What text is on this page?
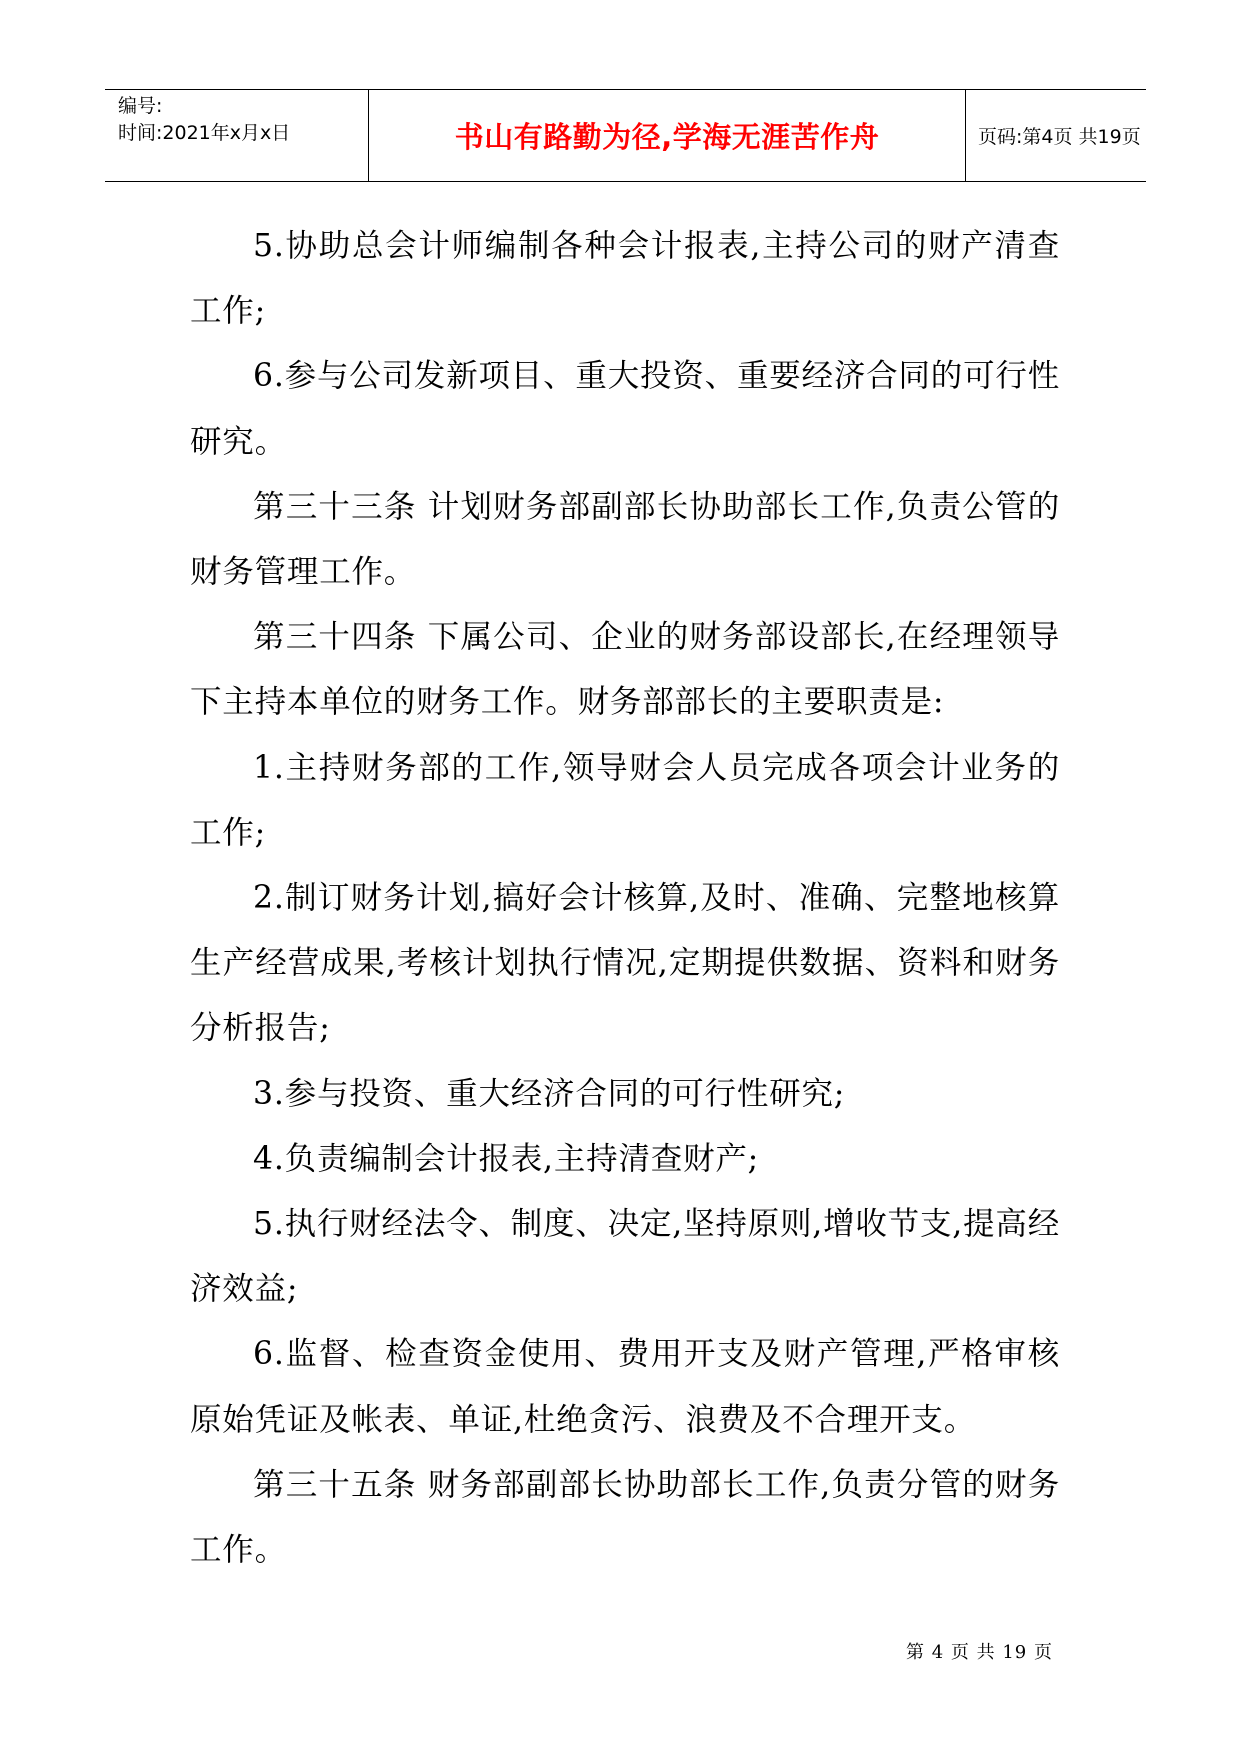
编号:
时间:2021年x月x日	书山有路勤为径,学海无涯苦作舟	页码:第4页 共19页

5.协助总会计师编制各种会计报表,主持公司的财产清查工作;

6.参与公司发新项目、重大投资、重要经济合同的可行性研究。

第三十三条 计划财务部副部长协助部长工作,负责公管的财务管理工作。

第三十四条 下属公司、企业的财务部设部长,在经理领导下主持本单位的财务工作。财务部部长的主要职责是:

1.主持财务部的工作,领导财会人员完成各项会计业务的工作;

2.制订财务计划,搞好会计核算,及时、准确、完整地核算生产经营成果,考核计划执行情况,定期提供数据、资料和财务分析报告;

3.参与投资、重大经济合同的可行性研究;

4.负责编制会计报表,主持清查财产;

5.执行财经法令、制度、决定,坚持原则,增收节支,提高经济效益;

6.监督、检查资金使用、费用开支及财产管理,严格审核原始凭证及帐表、单证,杜绝贪污、浪费及不合理开支。

第三十五条 财务部副部长协助部长工作,负责分管的财务工作。

第 4 页 共 19 页
